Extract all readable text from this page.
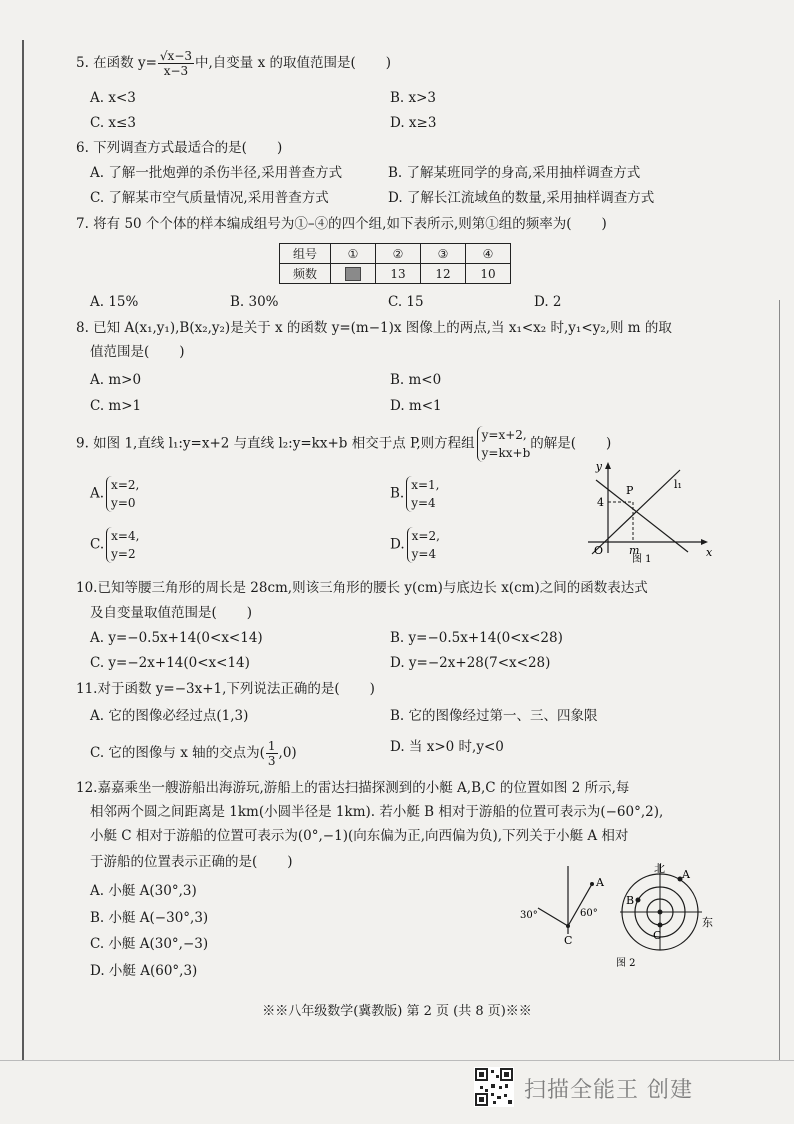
5. 在函数 $y= \frac{√x-3}{x-3}$ 中,自变量 x 的取值范围是( )
A. x<3	B. x>3
C. x≤3	D. x≥3
6. 下列调查方式最适合的是( )
A. 了解一批炮弹的杀伤半径,采用普查方式	B. 了解某班同学的身高,采用抽样调查方式
C. 了解某市空气质量情况,采用普查方式	D. 了解长江流域鱼的数量,采用抽样调查方式
7. 将有 50 个个体的样本编成组号为①–④的四个组,如下表所示,则第①组的频率为( )
组号	①	②	③	④
频数		13	12	10
A. 15%	B. 30%	C. 15	D. 2
8. 已知 A(x₁,y₁),B(x₂,y₂)是关于 x 的函数 y=(m−1)x 图像上的两点,当 x₁<x₂ 时,y₁<y₂,则 m 的取
值范围是( )
A. m>0	B. m<0
C. m>1	D. m<1
9. 如图 1,直线 l₁:y=x+2 与直线 l₂:y=kx+b 相交于点 P,则方程组
y=x+2,
y=kx+b
的解是( )
A.
x=2,
y=0
B.
x=1,
y=4
C.
x=4,
y=2
D.
x=2,
y=4
y
x
P	l₁
4
O m
图 1
10.已知等腰三角形的周长是 28cm,则该三角形的腰长 y(cm)与底边长 x(cm)之间的函数表达式
及自变量取值范围是( )
A. y=−0.5x+14(0<x<14)	B. y=−0.5x+14(0<x<28)
C. y=−2x+14(0<x<14)	D. y=−2x+28(7<x<28)
11.对于函数 y=−3x+1,下列说法正确的是( )
A. 它的图像必经过点(1,3)	B. 它的图像经过第一、三、四象限
C. 它的图像与 x 轴的交点为( $\frac{1}{3} ,0$)	D. 当 x>0 时,y<0
12.嘉嘉乘坐一艘游船出海游玩,游船上的雷达扫描探测到的小艇 A,B,C 的位置如图 2 所示,每
相邻两个圆之间距离是 1km(小圆半径是 1km). 若小艇 B 相对于游船的位置可表示为(−60°,2),
小艇 C 相对于游船的位置可表示为(0°,−1)(向东偏为正,向西偏为负),下列关于小艇 A 相对
于游船的位置表示正确的是( )
A. 小艇 A(30°,3)
B. 小艇 A(−30°,3)
C. 小艇 A(30°,−3)
D. 小艇 A(60°,3)
A
C
30°	60°
北
东
A
B
C
图 2
※※八年级数学(冀教版) 第 2 页 (共 8 页)※※
扫描全能王 创建
